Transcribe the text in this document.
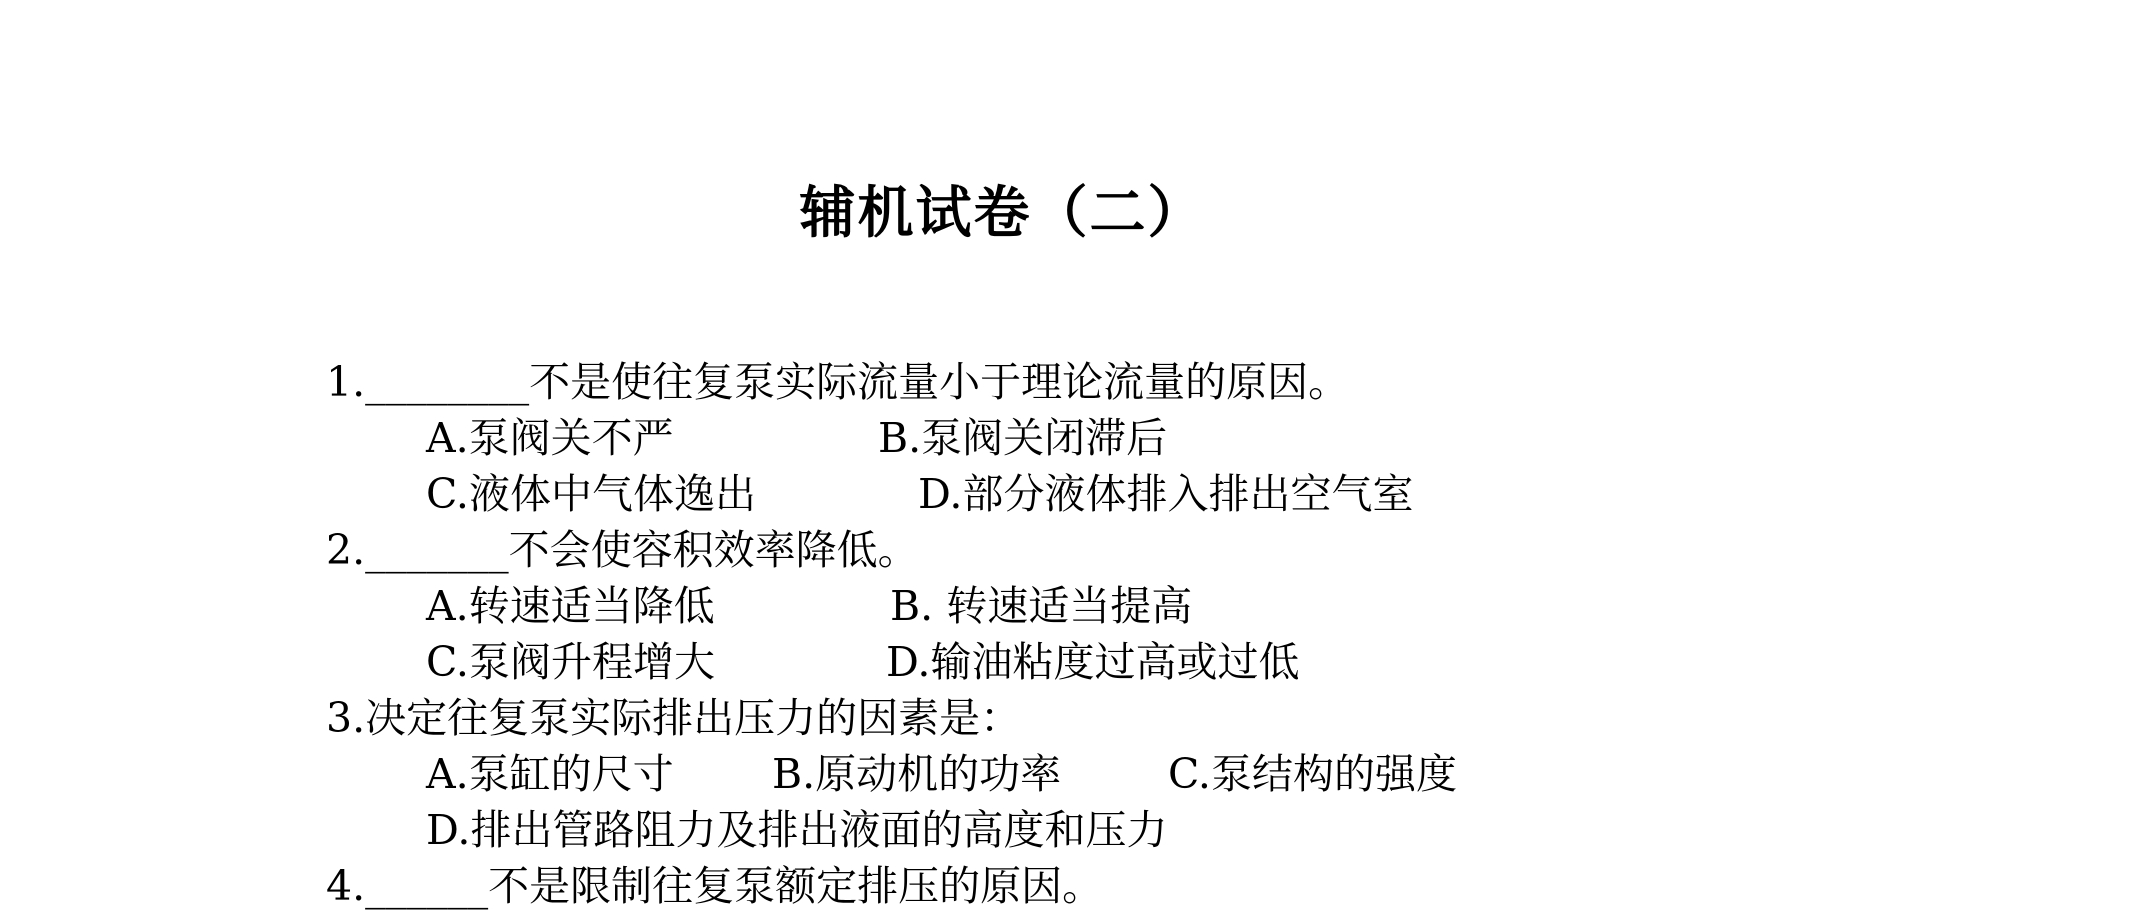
辅机试卷（二）
1.________不是使往复泵实际流量小于理论流量的原因。
A.泵阀关不严	B.泵阀关闭滞后
C.液体中气体逸出	D.部分液体排入排出空气室
2._______不会使容积效率降低。
A.转速适当降低	B. 转速适当提高
C.泵阀升程增大	D.输油粘度过高或过低
3.决定往复泵实际排出压力的因素是：
A.泵缸的尺寸 B.原动机的功率	C.泵结构的强度
D.排出管路阻力及排出液面的高度和压力
4.______不是限制往复泵额定排压的原因。
